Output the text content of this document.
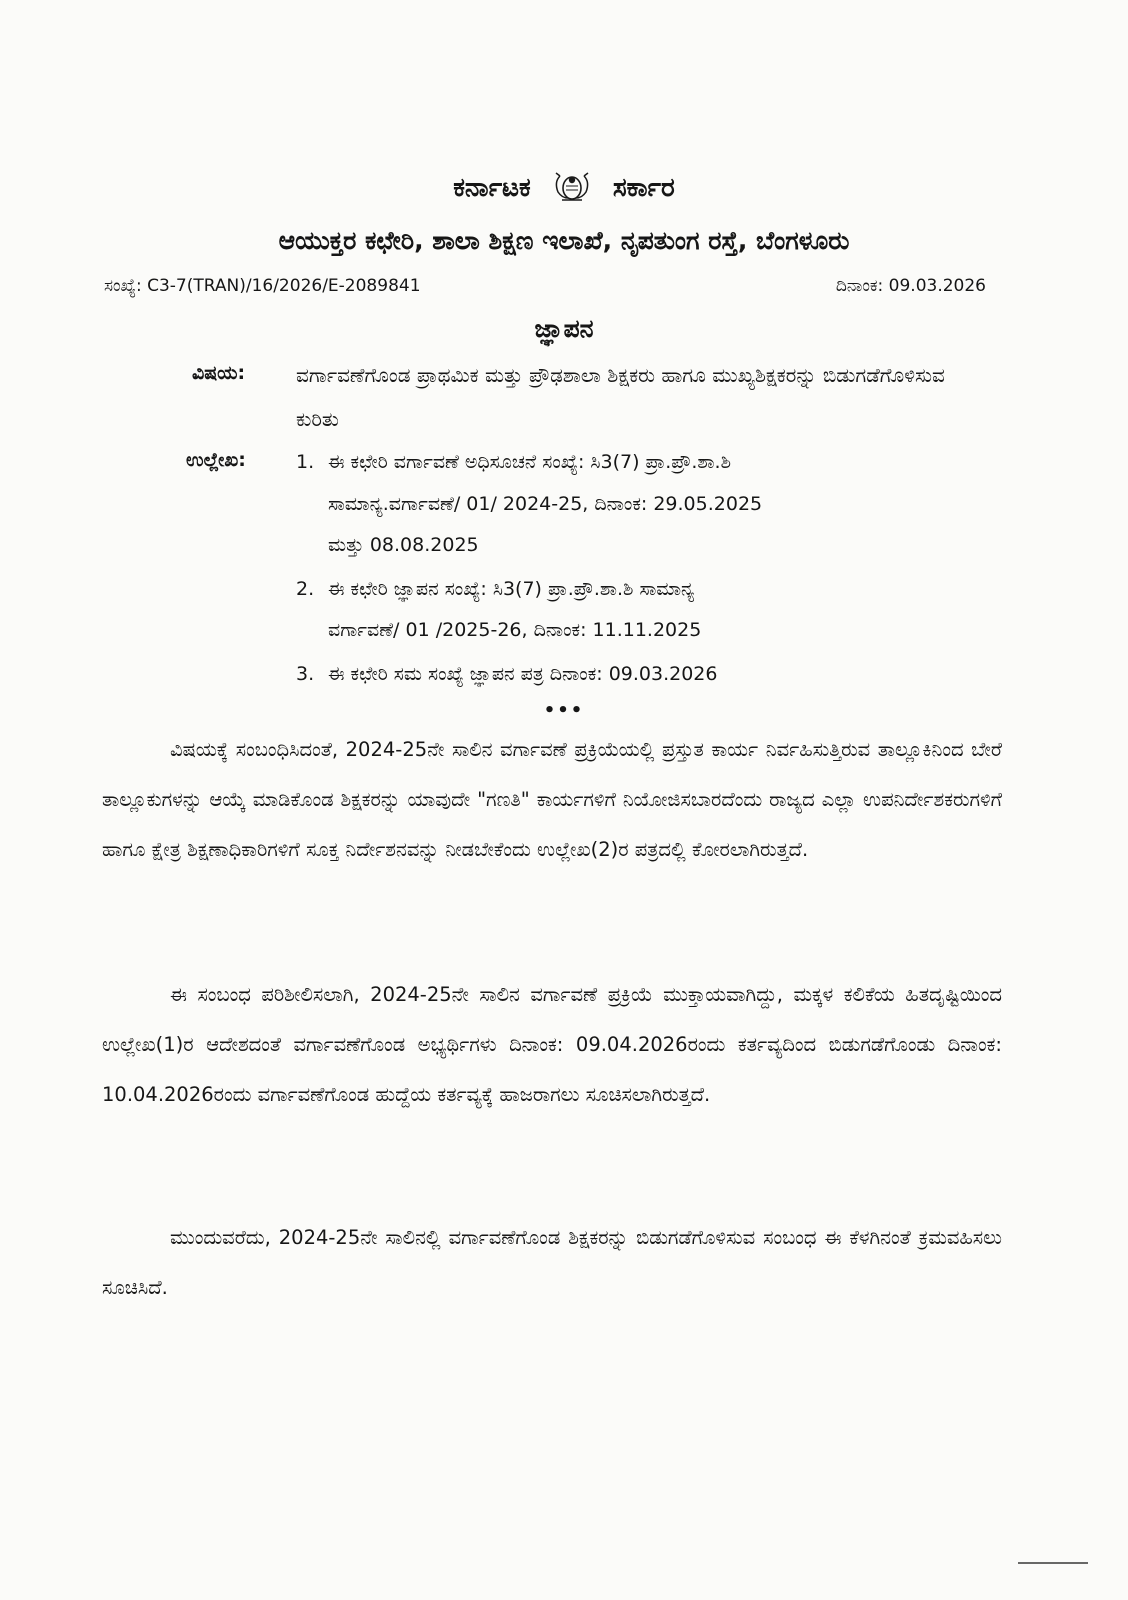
ಕರ್ನಾಟಕ	ಸರ್ಕಾರ
ಆಯುಕ್ತರ ಕಛೇರಿ, ಶಾಲಾ ಶಿಕ್ಷಣ ಇಲಾಖೆ, ನೃಪತುಂಗ ರಸ್ತೆ, ಬೆಂಗಳೂರು
ಸಂಖ್ಯೆ: C3-7(TRAN)/16/2026/E-2089841	ದಿನಾಂಕ: 09.03.2026
ಜ್ಞಾಪನ
ವಿಷಯ:	ವರ್ಗಾವಣೆಗೊಂಡ ಪ್ರಾಥಮಿಕ ಮತ್ತು ಪ್ರೌಢಶಾಲಾ ಶಿಕ್ಷಕರು ಹಾಗೂ ಮುಖ್ಯಶಿಕ್ಷಕರನ್ನು ಬಿಡುಗಡೆಗೊಳಿಸುವ ಕುರಿತು
ಉಲ್ಲೇಖ:	1. ಈ ಕಛೇರಿ ವರ್ಗಾವಣೆ ಅಧಿಸೂಚನೆ ಸಂಖ್ಯೆ: ಸಿ3(7) ಪ್ರಾ.ಪ್ರೌ.ಶಾ.ಶಿ
ಸಾಮಾನ್ಯ.ವರ್ಗಾವಣೆ/ 01/ 2024-25, ದಿನಾಂಕ: 29.05.2025
ಮತ್ತು 08.08.2025
2. ಈ ಕಛೇರಿ ಜ್ಞಾಪನ ಸಂಖ್ಯೆ: ಸಿ3(7) ಪ್ರಾ.ಪ್ರೌ.ಶಾ.ಶಿ ಸಾಮಾನ್ಯ
ವರ್ಗಾವಣೆ/ 01 /2025-26, ದಿನಾಂಕ: 11.11.2025
3. ಈ ಕಛೇರಿ ಸಮ ಸಂಖ್ಯೆ ಜ್ಞಾಪನ ಪತ್ರ ದಿನಾಂಕ: 09.03.2026
•••
ವಿಷಯಕ್ಕೆ ಸಂಬಂಧಿಸಿದಂತೆ, 2024-25ನೇ ಸಾಲಿನ ವರ್ಗಾವಣೆ ಪ್ರಕ್ರಿಯೆಯಲ್ಲಿ ಪ್ರಸ್ತುತ ಕಾರ್ಯ ನಿರ್ವಹಿಸುತ್ತಿರುವ ತಾಲ್ಲೂಕಿನಿಂದ ಬೇರೆ ತಾಲ್ಲೂಕುಗಳನ್ನು ಆಯ್ಕೆ ಮಾಡಿಕೊಂಡ ಶಿಕ್ಷಕರನ್ನು ಯಾವುದೇ "ಗಣತಿ" ಕಾರ್ಯಗಳಿಗೆ ನಿಯೋಜಿಸಬಾರದೆಂದು ರಾಜ್ಯದ ಎಲ್ಲಾ ಉಪನಿರ್ದೇಶಕರುಗಳಿಗೆ ಹಾಗೂ ಕ್ಷೇತ್ರ ಶಿಕ್ಷಣಾಧಿಕಾರಿಗಳಿಗೆ ಸೂಕ್ತ ನಿರ್ದೇಶನವನ್ನು ನೀಡಬೇಕೆಂದು ಉಲ್ಲೇಖ(2)ರ ಪತ್ರದಲ್ಲಿ ಕೋರಲಾಗಿರುತ್ತದೆ.
ಈ ಸಂಬಂಧ ಪರಿಶೀಲಿಸಲಾಗಿ, 2024-25ನೇ ಸಾಲಿನ ವರ್ಗಾವಣೆ ಪ್ರಕ್ರಿಯೆ ಮುಕ್ತಾಯವಾಗಿದ್ದು, ಮಕ್ಕಳ ಕಲಿಕೆಯ ಹಿತದೃಷ್ಟಿಯಿಂದ ಉಲ್ಲೇಖ(1)ರ ಆದೇಶದಂತೆ ವರ್ಗಾವಣೆಗೊಂಡ ಅಭ್ಯರ್ಥಿಗಳು ದಿನಾಂಕ: 09.04.2026ರಂದು ಕರ್ತವ್ಯದಿಂದ ಬಿಡುಗಡೆಗೊಂಡು ದಿನಾಂಕ: 10.04.2026ರಂದು ವರ್ಗಾವಣೆಗೊಂಡ ಹುದ್ದೆಯ ಕರ್ತವ್ಯಕ್ಕೆ ಹಾಜರಾಗಲು ಸೂಚಿಸಲಾಗಿರುತ್ತದೆ.
ಮುಂದುವರೆದು, 2024-25ನೇ ಸಾಲಿನಲ್ಲಿ ವರ್ಗಾವಣೆಗೊಂಡ ಶಿಕ್ಷಕರನ್ನು ಬಿಡುಗಡೆಗೊಳಿಸುವ ಸಂಬಂಧ ಈ ಕೆಳಗಿನಂತೆ ಕ್ರಮವಹಿಸಲು ಸೂಚಿಸಿದೆ.
